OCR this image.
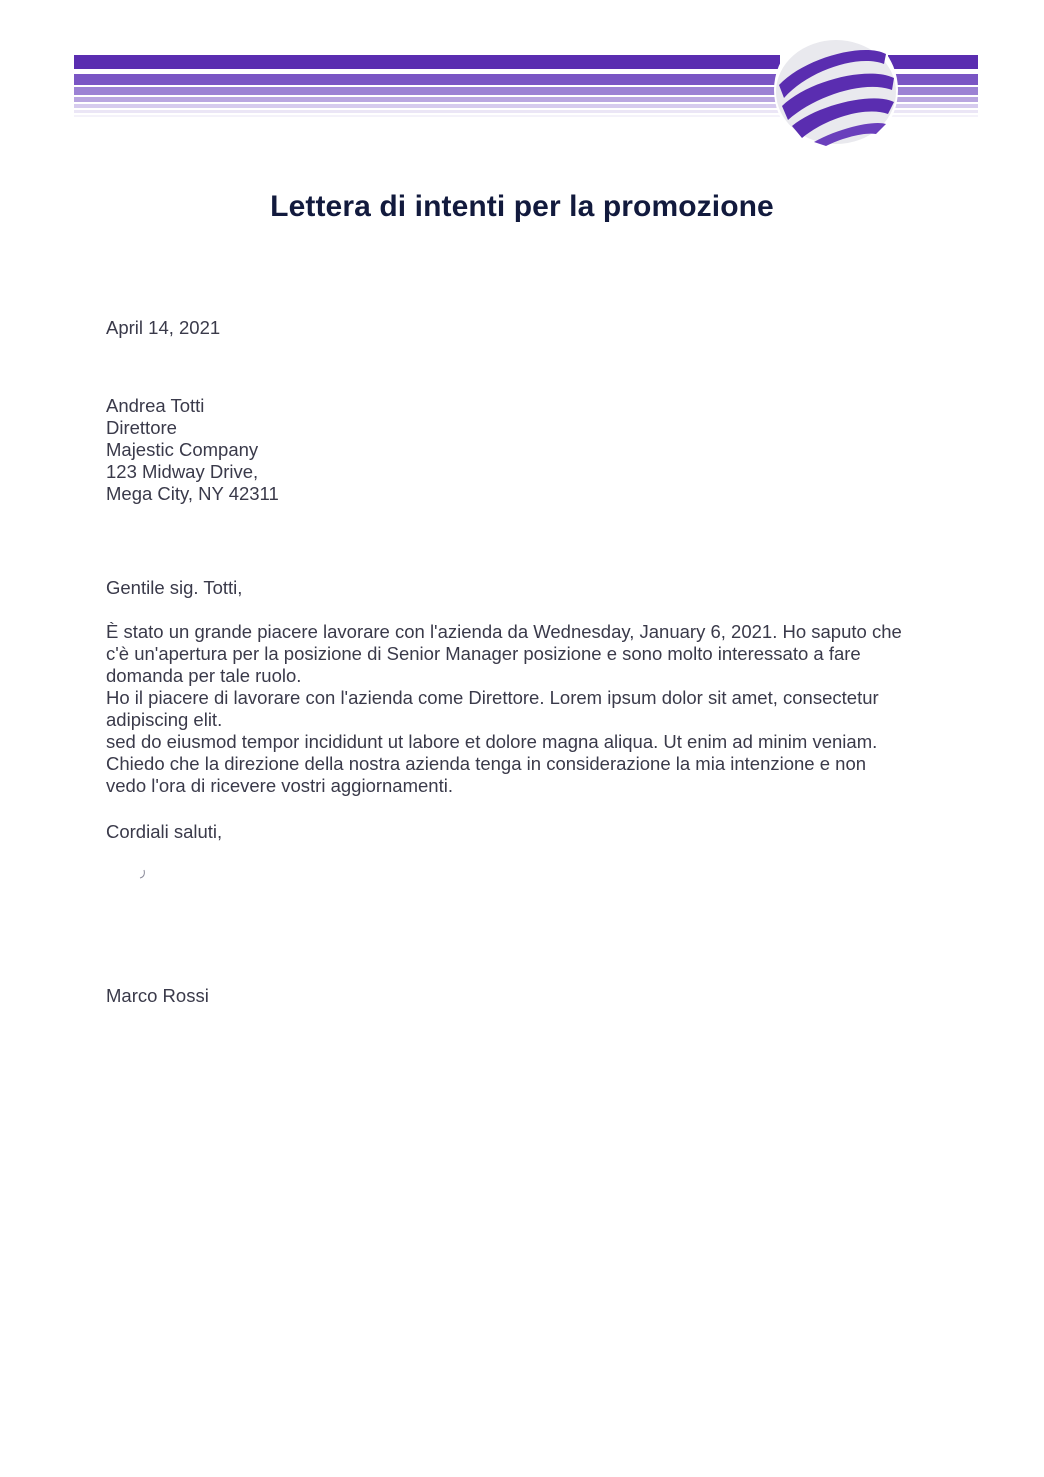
Lettera di intenti per la promozione
April 14, 2021
Andrea Totti
Direttore
Majestic Company
123 Midway Drive,
Mega City, NY 42311
Gentile sig. Totti,
È stato un grande piacere lavorare con l'azienda da Wednesday, January 6, 2021. Ho saputo che
c'è un'apertura per la posizione di Senior Manager posizione e sono molto interessato a fare
domanda per tale ruolo.
Ho il piacere di lavorare con l'azienda come Direttore. Lorem ipsum dolor sit amet, consectetur
adipiscing elit.
sed do eiusmod tempor incididunt ut labore et dolore magna aliqua. Ut enim ad minim veniam.
Chiedo che la direzione della nostra azienda tenga in considerazione la mia intenzione e non
vedo l'ora di ricevere vostri aggiornamenti.
Cordiali saluti,
Marco Rossi
